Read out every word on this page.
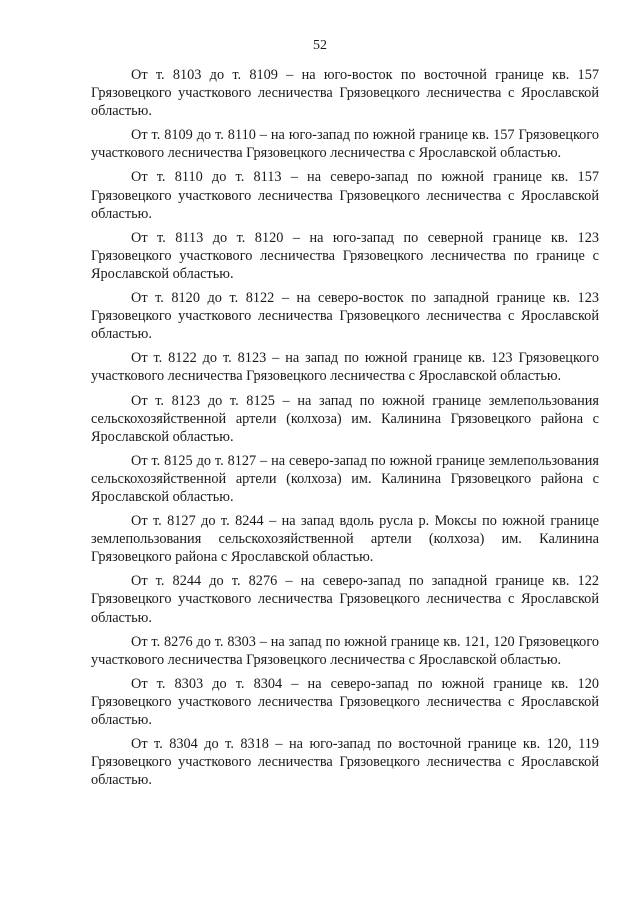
52

От т. 8103 до т. 8109 – на юго-восток по восточной границе кв. 157 Грязовецкого участкового лесничества Грязовецкого лесничества с Ярославской областью.

От т. 8109 до т. 8110 – на юго-запад по южной границе кв. 157 Грязовецкого участкового лесничества Грязовецкого лесничества с Ярославской областью.

От т. 8110 до т. 8113 – на северо-запад по южной границе кв. 157 Грязовецкого участкового лесничества Грязовецкого лесничества с Ярославской областью.

От т. 8113 до т. 8120 – на юго-запад по северной границе кв. 123 Грязовецкого участкового лесничества Грязовецкого лесничества по границе с Ярославской областью.

От т. 8120 до т. 8122 – на северо-восток по западной границе кв. 123 Грязовецкого участкового лесничества Грязовецкого лесничества с Ярославской областью.

От т. 8122 до т. 8123 – на запад по южной границе кв. 123 Грязовецкого участкового лесничества Грязовецкого лесничества с Ярославской областью.

От т. 8123 до т. 8125 – на запад по южной границе землепользования сельскохозяйственной артели (колхоза) им. Калинина Грязовецкого района с Ярославской областью.

От т. 8125 до т. 8127 – на северо-запад по южной границе землепользования сельскохозяйственной артели (колхоза) им. Калинина Грязовецкого района с Ярославской областью.

От т. 8127 до т. 8244 – на запад вдоль русла р. Моксы по южной границе землепользования сельскохозяйственной артели (колхоза) им. Калинина Грязовецкого района с Ярославской областью.

От т. 8244 до т. 8276 – на северо-запад по западной границе кв. 122 Грязовецкого участкового лесничества Грязовецкого лесничества с Ярославской областью.

От т. 8276 до т. 8303 – на запад по южной границе кв. 121, 120 Грязовецкого участкового лесничества Грязовецкого лесничества с Ярославской областью.

От т. 8303 до т. 8304 – на северо-запад по южной границе кв. 120 Грязовецкого участкового лесничества Грязовецкого лесничества с Ярославской областью.

От т. 8304 до т. 8318 – на юго-запад по восточной границе кв. 120, 119 Грязовецкого участкового лесничества Грязовецкого лесничества с Ярославской областью.
